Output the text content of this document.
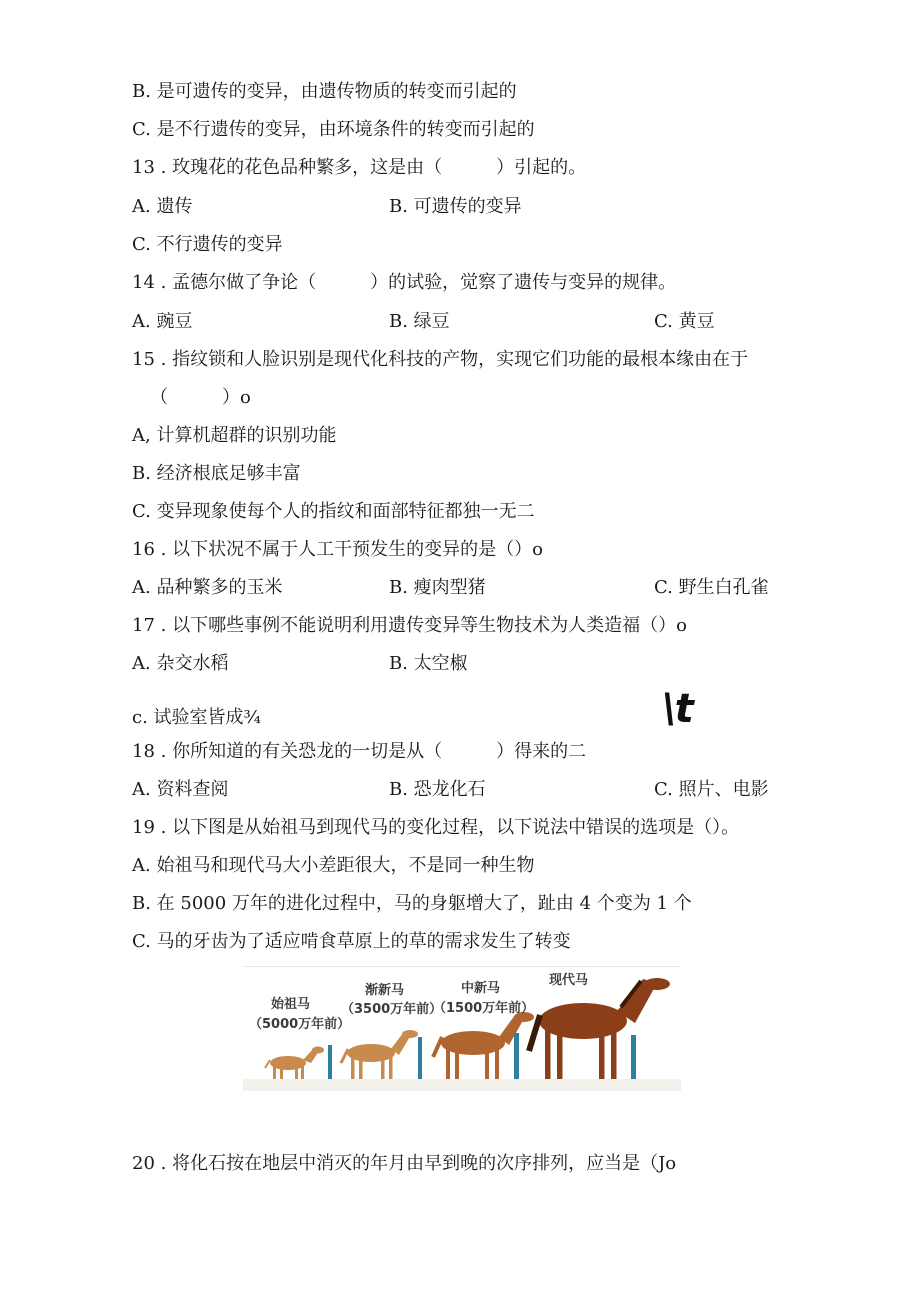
B. 是可遗传的变异，由遗传物质的转变而引起的
C. 是不行遗传的变异，由环境条件的转变而引起的
13 . 玫瑰花的花色品种繁多，这是由（　　　）引起的。
A. 遗传	B. 可遗传的变异
C. 不行遗传的变异
14 . 孟德尔做了争论（　　　）的试验，觉察了遗传与变异的规律。
A. 豌豆	B. 绿豆	C. 黄豆
15 . 指纹锁和人脸识别是现代化科技的产物，实现它们功能的最根本缘由在于
（　　　）o
A, 计算机超群的识别功能
B. 经济根底足够丰富
C. 变异现象使每个人的指纹和面部特征都独一无二
16 . 以下状况不属于人工干预发生的变异的是（）o
A. 品种繁多的玉米	B. 瘦肉型猪	C. 野生白孔雀
17 . 以下哪些事例不能说明利用遗传变异等生物技术为人类造福（）o
A. 杂交水稻	B. 太空椒
c. 试验室皆成¾	\t
18 . 你所知道的有关恐龙的一切是从（　　　）得来的二
A. 资料查阅	B. 恐龙化石	C. 照片、电影
19 . 以下图是从始祖马到现代马的变化过程，以下说法中错误的选项是（）。
A. 始祖马和现代马大小差距很大，不是同一种生物
B. 在 5000 万年的进化过程中，马的身躯增大了，趾由 4 个变为 1 个
C. 马的牙齿为了适应啃食草原上的草的需求发生了转变
始祖马
（5000万年前）
渐新马
（3500万年前）
中新马
（1500万年前）
现代马
20 . 将化石按在地层中消灭的年月由早到晚的次序排列，应当是（Jo
